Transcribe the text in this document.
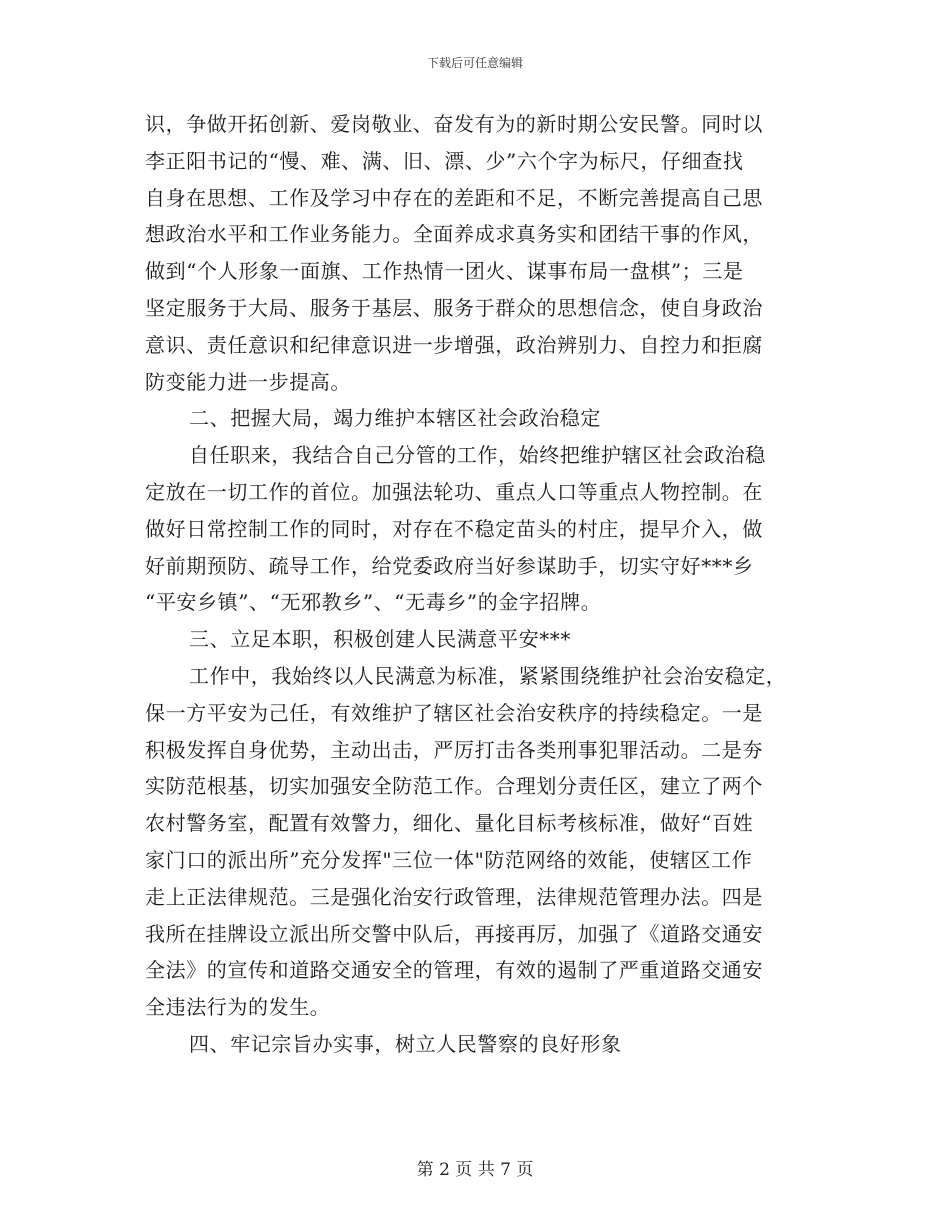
下载后可任意编辑
识，争做开拓创新、爱岗敬业、奋发有为的新时期公安民警。同时以
李正阳书记的“慢、难、满、旧、漂、少”六个字为标尺，仔细查找
自身在思想、工作及学习中存在的差距和不足，不断完善提高自己思
想政治水平和工作业务能力。全面养成求真务实和团结干事的作风，
做到“个人形象一面旗、工作热情一团火、谋事布局一盘棋”；三是
坚定服务于大局、服务于基层、服务于群众的思想信念，使自身政治
意识、责任意识和纪律意识进一步增强，政治辨别力、自控力和拒腐
防变能力进一步提高。
二、把握大局，竭力维护本辖区社会政治稳定
自任职来，我结合自己分管的工作，始终把维护辖区社会政治稳
定放在一切工作的首位。加强法轮功、重点人口等重点人物控制。在
做好日常控制工作的同时，对存在不稳定苗头的村庄，提早介入，做
好前期预防、疏导工作，给党委政府当好参谋助手，切实守好***乡
“平安乡镇”、“无邪教乡”、“无毒乡”的金字招牌。
三、立足本职，积极创建人民满意平安***
工作中，我始终以人民满意为标准，紧紧围绕维护社会治安稳定，
保一方平安为己任，有效维护了辖区社会治安秩序的持续稳定。一是
积极发挥自身优势，主动出击，严厉打击各类刑事犯罪活动。二是夯
实防范根基，切实加强安全防范工作。合理划分责任区，建立了两个
农村警务室，配置有效警力，细化、量化目标考核标准，做好“百姓
家门口的派出所”充分发挥"三位一体"防范网络的效能，使辖区工作
走上正法律规范。三是强化治安行政管理，法律规范管理办法。四是
我所在挂牌设立派出所交警中队后，再接再厉，加强了《道路交通安
全法》的宣传和道路交通安全的管理，有效的遏制了严重道路交通安
全违法行为的发生。
四、牢记宗旨办实事，树立人民警察的良好形象
第 2 页 共 7 页
